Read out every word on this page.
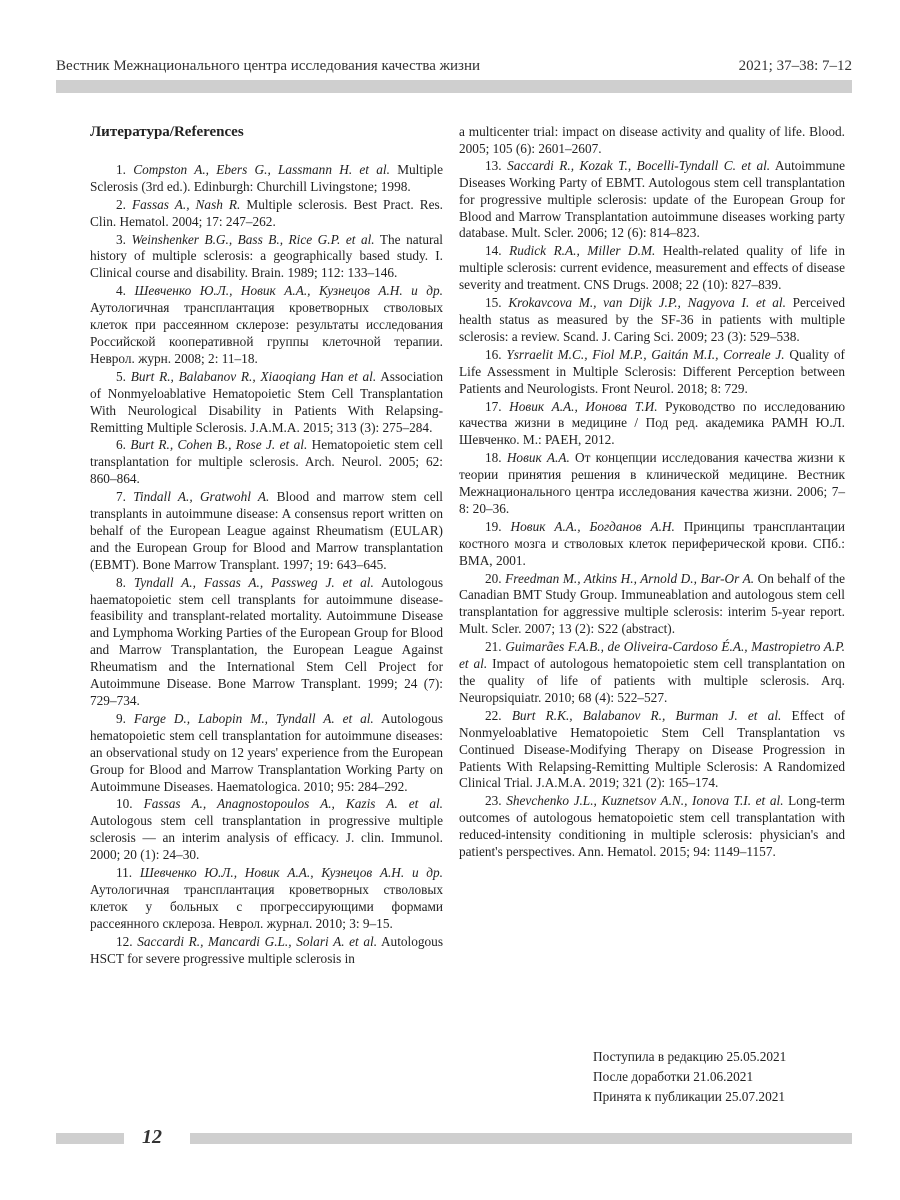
Вестник Межнационального центра исследования качества жизни	2021; 37–38: 7–12
Литература/References

1. Compston A., Ebers G., Lassmann H. et al. Multiple Sclerosis (3rd ed.). Edinburgh: Churchill Livingstone; 1998.

2. Fassas A., Nash R. Multiple sclerosis. Best Pract. Res. Clin. Hematol. 2004; 17: 247–262.

3. Weinshenker B.G., Bass B., Rice G.P. et al. The natural history of multiple sclerosis: a geographically based study. I. Clinical course and disability. Brain. 1989; 112: 133–146.

4. Шевченко Ю.Л., Новик А.А., Кузнецов А.Н. и др. Аутологичная трансплантация кроветворных стволовых клеток при рассеянном склерозе: результаты исследования Российской кооперативной группы клеточной терапии. Неврол. журн. 2008; 2: 11–18.

5. Burt R., Balabanov R., Xiaoqiang Han et al. Association of Nonmyeloablative Hematopoietic Stem Cell Transplantation With Neurological Disability in Patients With Relapsing-Remitting Multiple Sclerosis. J.A.M.A. 2015; 313 (3): 275–284.

6. Burt R., Cohen B., Rose J. et al. Hematopoietic stem cell transplantation for multiple sclerosis. Arch. Neurol. 2005; 62: 860–864.

7. Tindall A., Gratwohl A. Blood and marrow stem cell transplants in autoimmune disease: A consensus report written on behalf of the European League against Rheumatism (EULAR) and the European Group for Blood and Marrow transplantation (EBMT). Bone Marrow Transplant. 1997; 19: 643–645.

8. Tyndall A., Fassas A., Passweg J. et al. Autologous haematopoietic stem cell transplants for autoimmune disease-feasibility and transplant-related mortality. Autoimmune Disease and Lymphoma Working Parties of the European Group for Blood and Marrow Transplantation, the European League Against Rheumatism and the International Stem Cell Project for Autoimmune Disease. Bone Marrow Transplant. 1999; 24 (7): 729–734.

9. Farge D., Labopin M., Tyndall A. et al. Autologous hematopoietic stem cell transplantation for autoimmune diseases: an observational study on 12 years' experience from the European Group for Blood and Marrow Transplantation Working Party on Autoimmune Diseases. Haematologica. 2010; 95: 284–292.

10. Fassas A., Anagnostopoulos A., Kazis A. et al. Autologous stem cell transplantation in progressive multiple sclerosis — an interim analysis of efficacy. J. clin. Immunol. 2000; 20 (1): 24–30.

11. Шевченко Ю.Л., Новик А.А., Кузнецов А.Н. и др. Аутологичная трансплантация кроветворных стволовых клеток у больных с прогрессирующими формами рассеянного склероза. Неврол. журнал. 2010; 3: 9–15.

12. Saccardi R., Mancardi G.L., Solari A. et al. Autologous HSCT for severe progressive multiple sclerosis in

a multicenter trial: impact on disease activity and quality of life. Blood. 2005; 105 (6): 2601–2607.

13. Saccardi R., Kozak T., Bocelli-Tyndall C. et al. Autoimmune Diseases Working Party of EBMT. Autologous stem cell transplantation for progressive multiple sclerosis: update of the European Group for Blood and Marrow Transplantation autoimmune diseases working party database. Mult. Scler. 2006; 12 (6): 814–823.

14. Rudick R.A., Miller D.M. Health-related quality of life in multiple sclerosis: current evidence, measurement and effects of disease severity and treatment. CNS Drugs. 2008; 22 (10): 827–839.

15. Krokavcova M., van Dijk J.P., Nagyova I. et al. Perceived health status as measured by the SF-36 in patients with multiple sclerosis: a review. Scand. J. Caring Sci. 2009; 23 (3): 529–538.

16. Ysrraelit M.C., Fiol M.P., Gaitán M.I., Correale J. Quality of Life Assessment in Multiple Sclerosis: Different Perception between Patients and Neurologists. Front Neurol. 2018; 8: 729.

17. Новик А.А., Ионова Т.И. Руководство по исследованию качества жизни в медицине / Под ред. академика РАМН Ю.Л. Шевченко. М.: РАЕН, 2012.

18. Новик А.А. От концепции исследования качества жизни к теории принятия решения в клинической медицине. Вестник Межнационального центра исследования качества жизни. 2006; 7–8: 20–36.

19. Новик А.А., Богданов А.Н. Принципы трансплантации костного мозга и стволовых клеток периферической крови. СПб.: ВМА, 2001.

20. Freedman M., Atkins H., Arnold D., Bar-Or A. On behalf of the Canadian BMT Study Group. Immuneablation and autologous stem cell transplantation for aggressive multiple sclerosis: interim 5-year report. Mult. Scler. 2007; 13 (2): S22 (abstract).

21. Guimarães F.A.B., de Oliveira-Cardoso É.A., Mastropietro A.P. et al. Impact of autologous hematopoietic stem cell transplantation on the quality of life of patients with multiple sclerosis. Arq. Neuropsiquiatr. 2010; 68 (4): 522–527.

22. Burt R.K., Balabanov R., Burman J. et al. Effect of Nonmyeloablative Hematopoietic Stem Cell Transplantation vs Continued Disease-Modifying Therapy on Disease Progression in Patients With Relapsing-Remitting Multiple Sclerosis: A Randomized Clinical Trial. J.A.M.A. 2019; 321 (2): 165–174.

23. Shevchenko J.L., Kuznetsov A.N., Ionova T.I. et al. Long-term outcomes of autologous hematopoietic stem cell transplantation with reduced-intensity conditioning in multiple sclerosis: physician's and patient's perspectives. Ann. Hematol. 2015; 94: 1149–1157.

Поступила в редакцию 25.05.2021
После доработки 21.06.2021
Принята к публикации 25.07.2021
12
